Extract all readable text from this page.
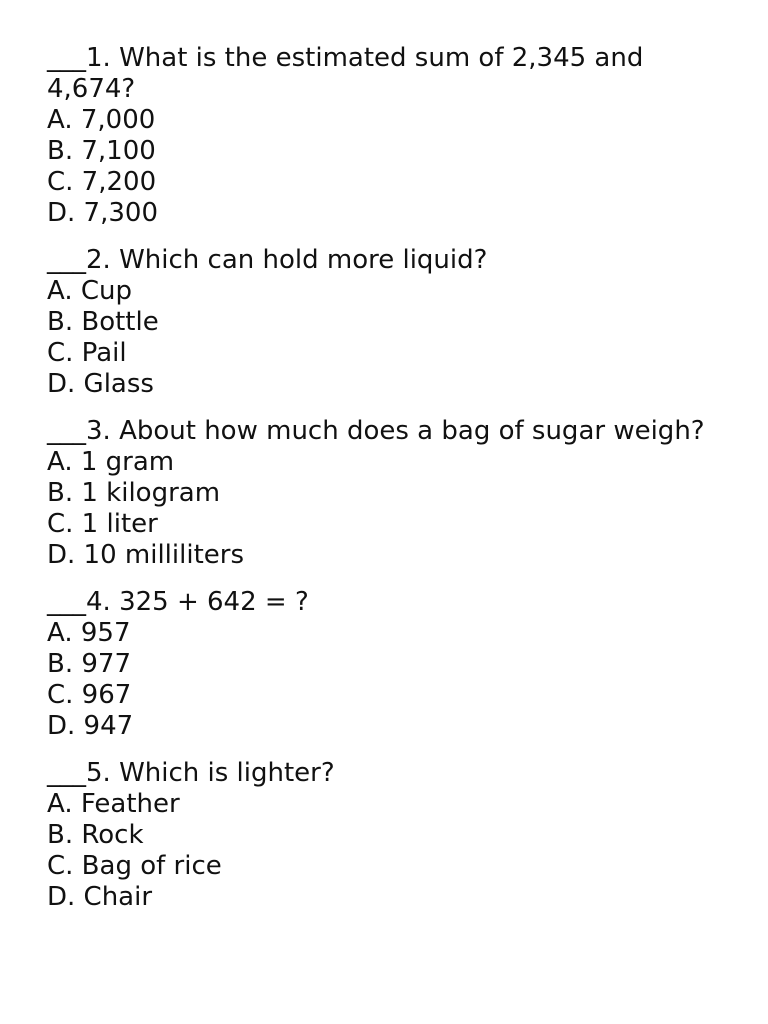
___1. What is the estimated sum of 2,345 and 4,674?

A. 7,000

B. 7,100

C. 7,200

D. 7,300

___2. Which can hold more liquid?

A. Cup

B. Bottle

C. Pail

D. Glass

___3. About how much does a bag of sugar weigh?

A. 1 gram

B. 1 kilogram

C. 1 liter

D. 10 milliliters

___4. 325 + 642 = ?

A. 957

B. 977

C. 967

D. 947

___5. Which is lighter?

A. Feather

B. Rock

C. Bag of rice

D. Chair
